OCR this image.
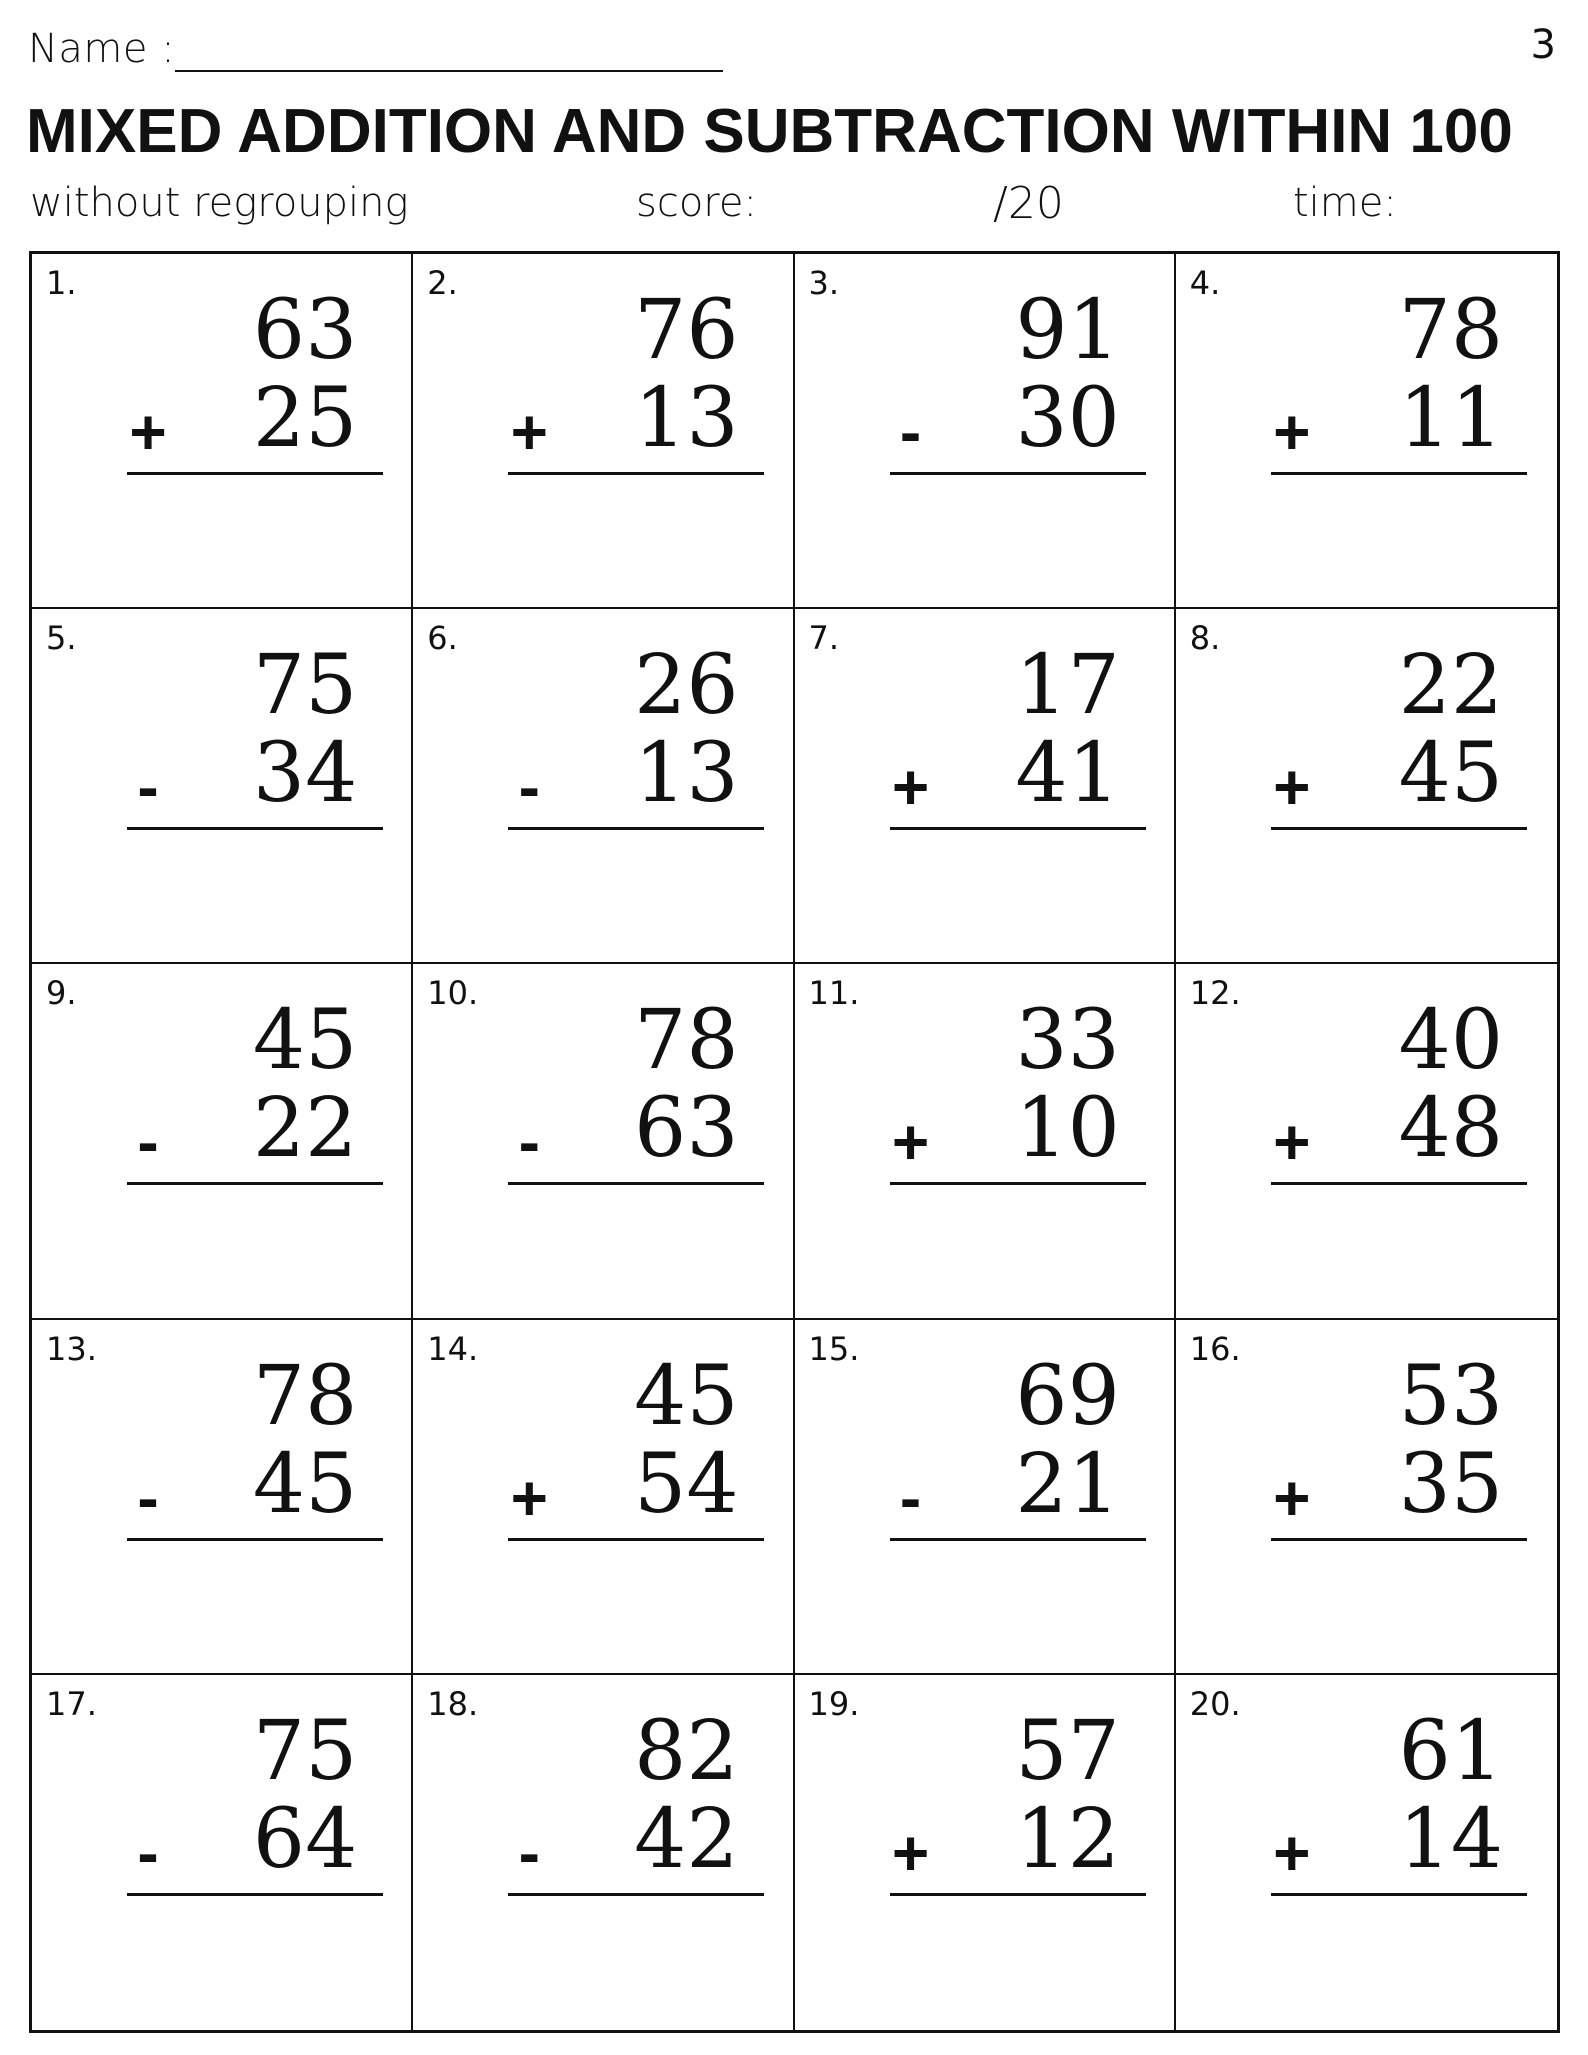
Name :	3
MIXED ADDITION AND SUBTRACTION WITHIN 100
without regrouping	score:	/20	time:
1. 63
+ 25
2. 76
+ 13
3. 91
- 30
4. 78
+ 11
5. 75
- 34
6. 26
- 13
7. 17
+ 41
8. 22
+ 45
9. 45
- 22
10. 78
- 63
11. 33
+ 10
12. 40
+ 48
13. 78
- 45
14. 45
+ 54
15. 69
- 21
16. 53
+ 35
17. 75
- 64
18. 82
- 42
19. 57
+ 12
20. 61
+ 14
